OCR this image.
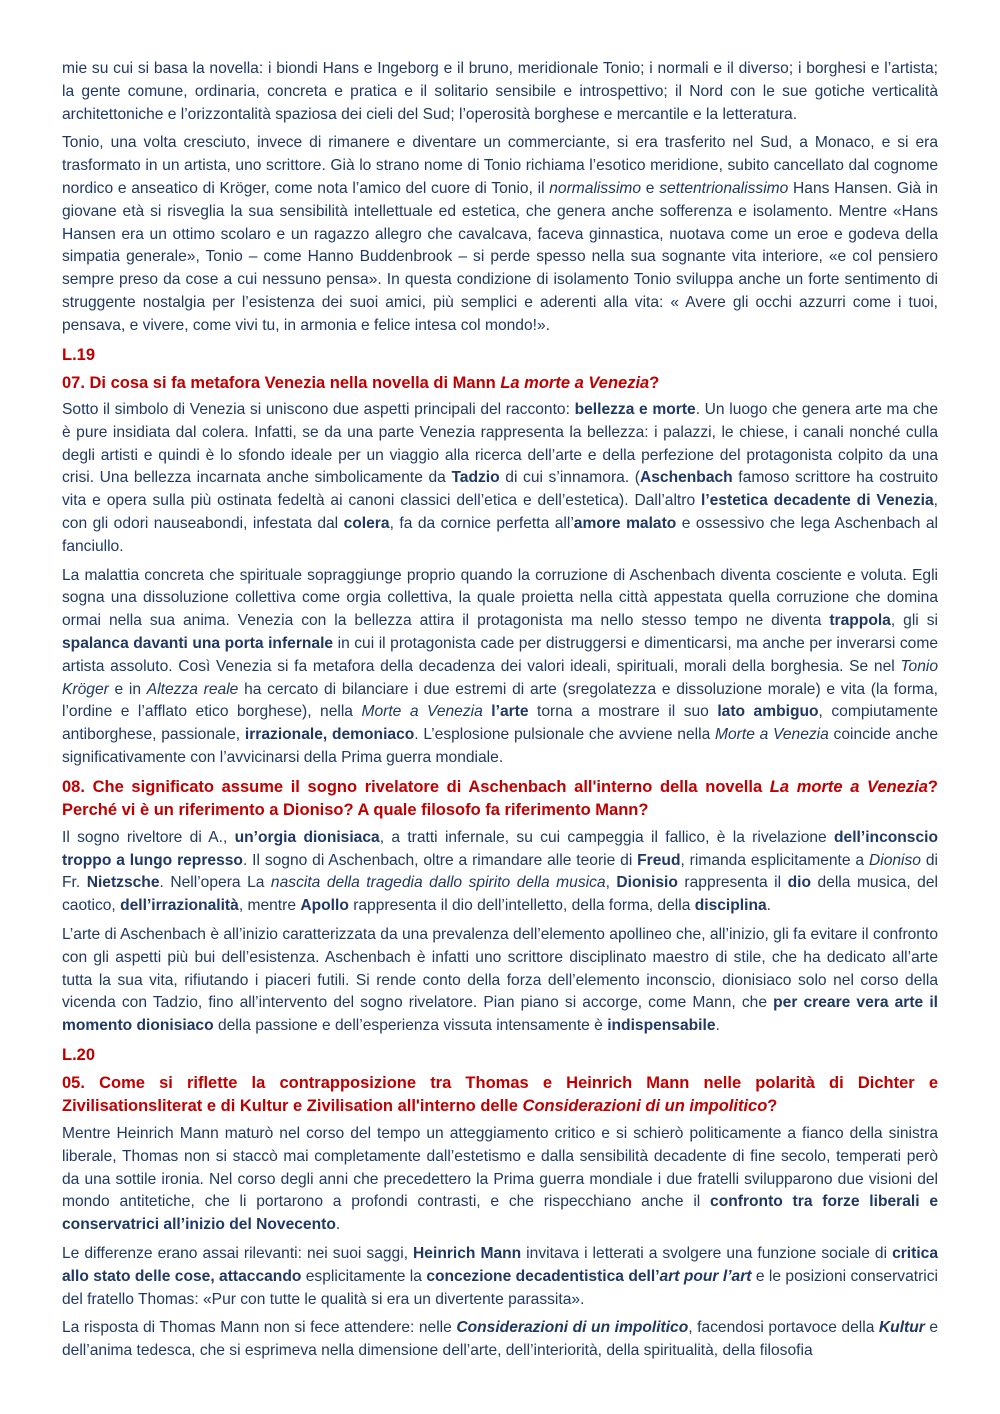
mie su cui si basa la novella: i biondi Hans e Ingeborg e il bruno, meridionale Tonio; i normali e il diverso; i borghesi e l’artista; la gente comune, ordinaria, concreta e pratica e il solitario sensibile e introspettivo; il Nord con le sue gotiche verticalità architettoniche e l’orizzontalità spaziosa dei cieli del Sud; l’operosità borghese e mercantile e la letteratura.

Tonio, una volta cresciuto, invece di rimanere e diventare un commerciante, si era trasferito nel Sud, a Monaco, e si era trasformato in un artista, uno scrittore. Già lo strano nome di Tonio richiama l’esotico meridione, subito cancellato dal cognome nordico e anseatico di Kröger, come nota l’amico del cuore di Tonio, il normalissimo e settentrionalissimo Hans Hansen. Già in giovane età si risveglia la sua sensibilità intellettuale ed estetica, che genera anche sofferenza e isolamento. Mentre «Hans Hansen era un ottimo scolaro e un ragazzo allegro che cavalcava, faceva ginnastica, nuotava come un eroe e godeva della simpatia generale», Tonio – come Hanno Buddenbrook – si perde spesso nella sua sognante vita interiore, «e col pensiero sempre preso da cose a cui nessuno pensa». In questa condizione di isolamento Tonio sviluppa anche un forte sentimento di struggente nostalgia per l’esistenza dei suoi amici, più semplici e aderenti alla vita: « Avere gli occhi azzurri come i tuoi, pensava, e vivere, come vivi tu, in armonia e felice intesa col mondo!».

L.19
07. Di cosa si fa metafora Venezia nella novella di Mann La morte a Venezia?

Sotto il simbolo di Venezia si uniscono due aspetti principali del racconto: bellezza e morte. Un luogo che genera arte ma che è pure insidiata dal colera. Infatti, se da una parte Venezia rappresenta la bellezza: i palazzi, le chiese, i canali nonché culla degli artisti e quindi è lo sfondo ideale per un viaggio alla ricerca dell’arte e della perfezione del protagonista colpito da una crisi. Una bellezza incarnata anche simbolicamente da Tadzio di cui s’innamora. (Aschenbach famoso scrittore ha costruito vita e opera sulla più ostinata fedeltà ai canoni classici dell’etica e dell’estetica). Dall’altro l’estetica decadente di Venezia, con gli odori nauseabondi, infestata dal colera, fa da cornice perfetta all’amore malato e ossessivo che lega Aschenbach al fanciullo.

La malattia concreta che spirituale sopraggiunge proprio quando la corruzione di Aschenbach diventa cosciente e voluta. Egli sogna una dissoluzione collettiva come orgia collettiva, la quale proietta nella città appestata quella corruzione che domina ormai nella sua anima. Venezia con la bellezza attira il protagonista ma nello stesso tempo ne diventa trappola, gli si spalanca davanti una porta infernale in cui il protagonista cade per distruggersi e dimenticarsi, ma anche per inverarsi come artista assoluto. Così Venezia si fa metafora della decadenza dei valori ideali, spirituali, morali della borghesia. Se nel Tonio Kröger e in Altezza reale ha cercato di bilanciare i due estremi di arte (sregolatezza e dissoluzione morale) e vita (la forma, l’ordine e l’afflato etico borghese), nella Morte a Venezia l’arte torna a mostrare il suo lato ambiguo, compiutamente antiborghese, passionale, irrazionale, demoniaco. L’esplosione pulsionale che avviene nella Morte a Venezia coincide anche significativamente con l’avvicinarsi della Prima guerra mondiale.

08. Che significato assume il sogno rivelatore di Aschenbach all'interno della novella La morte a Venezia? Perché vi è un riferimento a Dioniso? A quale filosofo fa riferimento Mann?

Il sogno riveltore di A., un’orgia dionisiaca, a tratti infernale, su cui campeggia il fallico, è la rivelazione dell’inconscio troppo a lungo represso. Il sogno di Aschenbach, oltre a rimandare alle teorie di Freud, rimanda esplicitamente a Dioniso di Fr. Nietzsche. Nell’opera La nascita della tragedia dallo spirito della musica, Dionisio rappresenta il dio della musica, del caotico, dell’irrazionalità, mentre Apollo rappresenta il dio dell’intelletto, della forma, della disciplina.

L’arte di Aschenbach è all’inizio caratterizzata da una prevalenza dell’elemento apollineo che, all’inizio, gli fa evitare il confronto con gli aspetti più bui dell’esistenza. Aschenbach è infatti uno scrittore disciplinato maestro di stile, che ha dedicato all’arte tutta la sua vita, rifiutando i piaceri futili. Si rende conto della forza dell’elemento inconscio, dionisiaco solo nel corso della vicenda con Tadzio, fino all’intervento del sogno rivelatore. Pian piano si accorge, come Mann, che per creare vera arte il momento dionisiaco della passione e dell’esperienza vissuta intensamente è indispensabile.

L.20
05. Come si riflette la contrapposizione tra Thomas e Heinrich Mann nelle polarità di Dichter e Zivilisationsliterat e di Kultur e Zivilisation all'interno delle Considerazioni di un impolitico?

Mentre Heinrich Mann maturò nel corso del tempo un atteggiamento critico e si schierò politicamente a fianco della sinistra liberale, Thomas non si staccò mai completamente dall’estetismo e dalla sensibilità decadente di fine secolo, temperati però da una sottile ironia. Nel corso degli anni che precedettero la Prima guerra mondiale i due fratelli svilupparono due visioni del mondo antitetiche, che li portarono a profondi contrasti, e che rispecchiano anche il confronto tra forze liberali e conservatrici all’inizio del Novecento.

Le differenze erano assai rilevanti: nei suoi saggi, Heinrich Mann invitava i letterati a svolgere una funzione sociale di critica allo stato delle cose, attaccando esplicitamente la concezione decadentistica dell’art pour l’art e le posizioni conservatrici del fratello Thomas: «Pur con tutte le qualità si era un divertente parassita».

La risposta di Thomas Mann non si fece attendere: nelle Considerazioni di un impolitico, facendosi portavoce della Kultur e dell’anima tedesca, che si esprimeva nella dimensione dell’arte, dell’interiorità, della spiritualità, della filosofia
